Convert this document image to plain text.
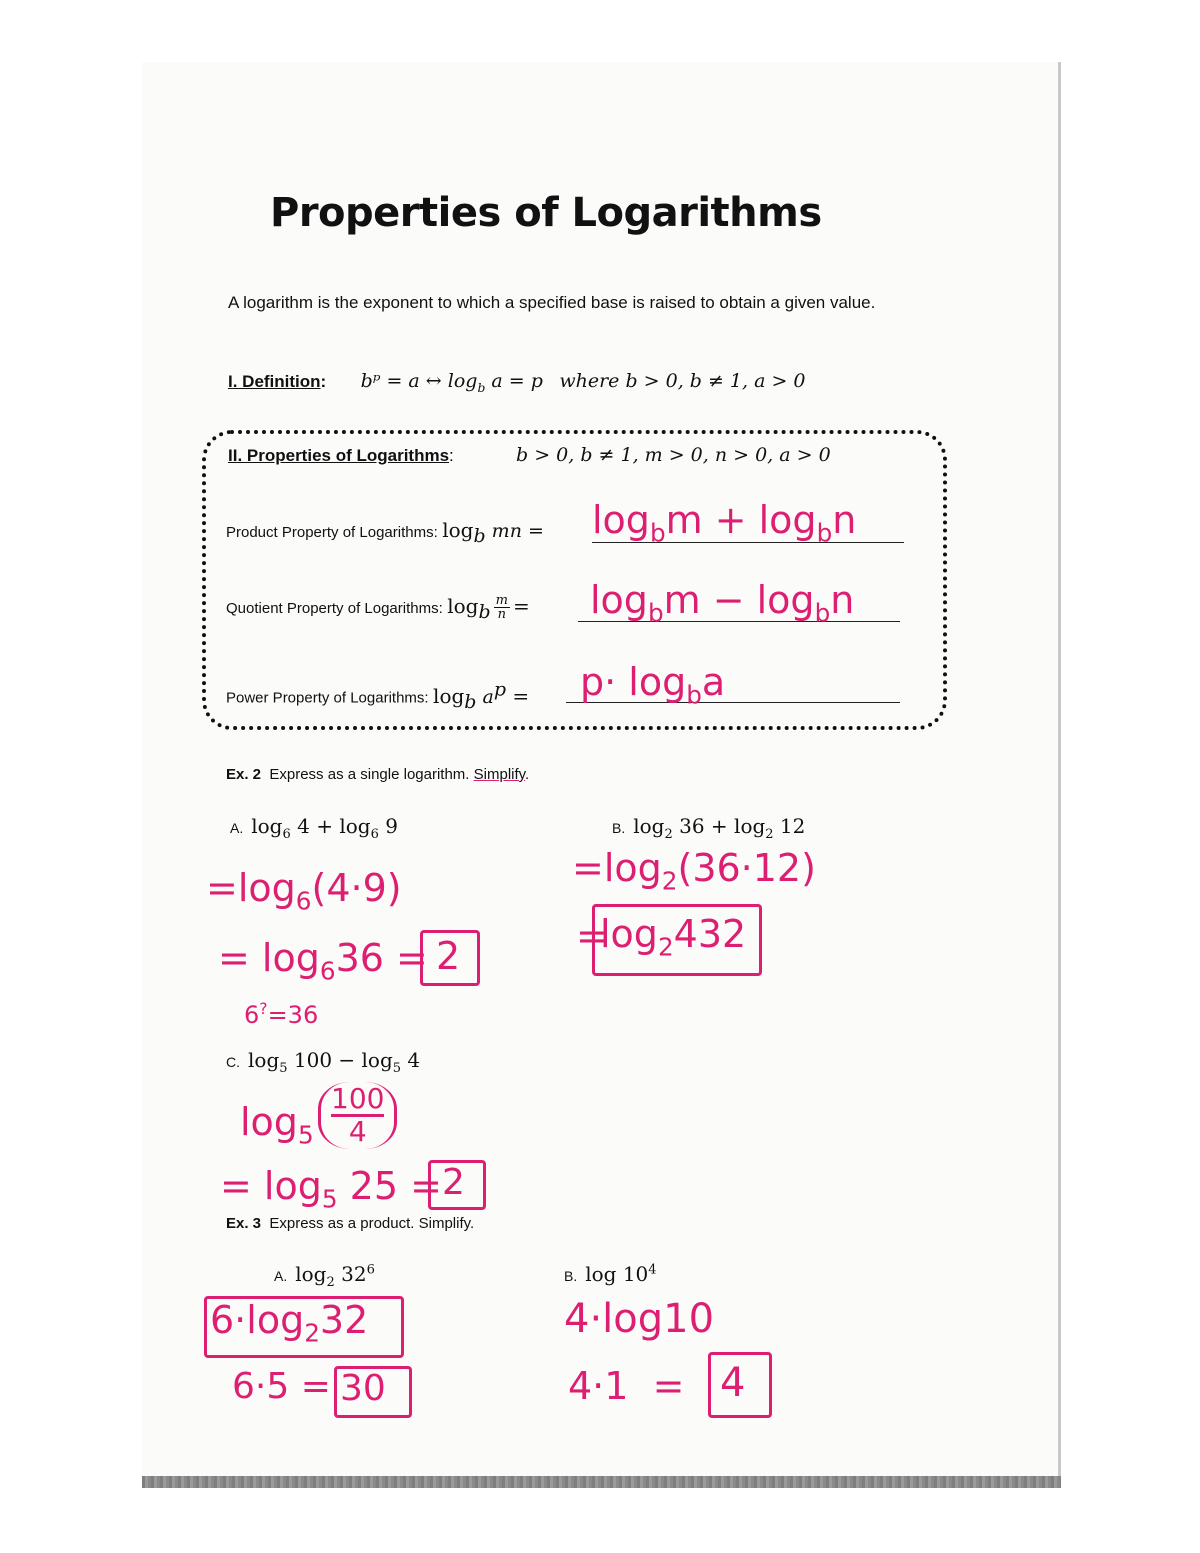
Properties of Logarithms
A logarithm is the exponent to which a specified base is raised to obtain a given value.
I. Definition: bᵖ = a ↔ $\log_b a = p$ where b > 0, b ≠ 1, a > 0
II. Properties of Logarithms:	b > 0, b ≠ 1, m > 0, n > 0, a > 0
Product Property of Logarithms: $\log_b$ mn = $\log_bm + \log_bn$
Quotient Property of Logarithms: $\log_b \frac{m}{n} = \log_bm - \log_bn$
Power Property of Logarithms: $\log_b a^p = p\cdot \log_ba$
Ex. 2 Express as a single logarithm. Simplify.
A. $\log_6 4 + \log_6 9$
$=\log_6(4\cdot 9)$
= $\log_636 = 2$
6?=36
B. $\log_2 36 + \log_2 12$
$=\log_2(36\cdot 12)$
=
$\log_2432$
C. $\log_5 100 - \log_5 4$
$\log_5$
100
4
= $\log_5 25 = 2$
Ex. 3 Express as a product. Simplify.
A. $\log_2 32^6$
$6\cdot\log_232$
6·5 = 30
B. $\log 10^4$
4·log10
4·1  = 4
